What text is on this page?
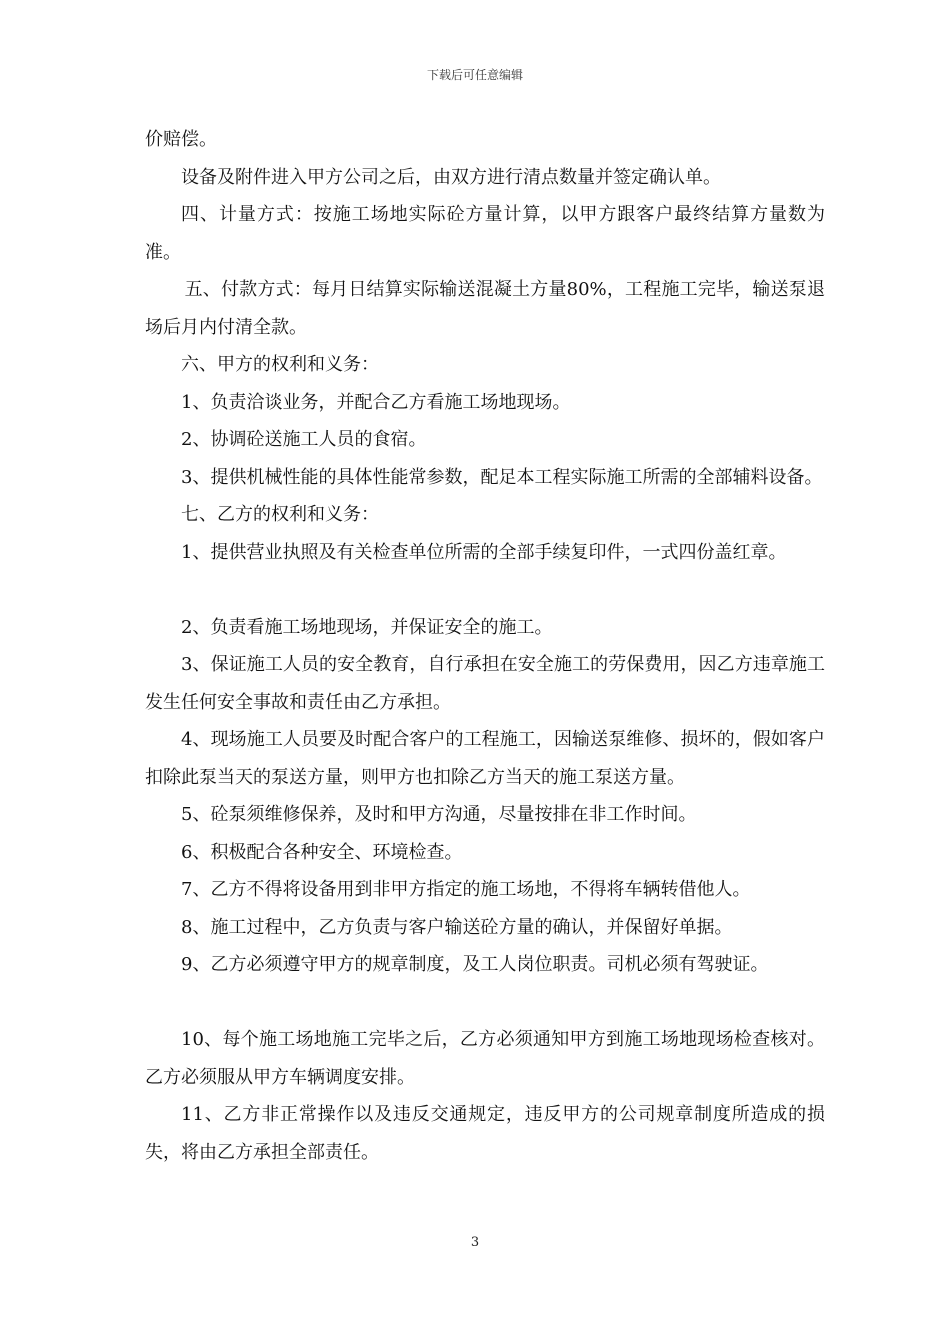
下载后可任意编辑

价赔偿。

设备及附件进入甲方公司之后，由双方进行清点数量并签定确认单。

四、计量方式：按施工场地实际砼方量计算，以甲方跟客户最终结算方量数为准。

五、付款方式：每月日结算实际输送混凝土方量80%，工程施工完毕，输送泵退场后月内付清全款。

六、甲方的权利和义务：

1、负责洽谈业务，并配合乙方看施工场地现场。

2、协调砼送施工人员的食宿。

3、提供机械性能的具体性能常参数，配足本工程实际施工所需的全部辅料设备。

七、乙方的权利和义务：

1、提供营业执照及有关检查单位所需的全部手续复印件，一式四份盖红章。

2、负责看施工场地现场，并保证安全的施工。

3、保证施工人员的安全教育，自行承担在安全施工的劳保费用，因乙方违章施工发生任何安全事故和责任由乙方承担。

4、现场施工人员要及时配合客户的工程施工，因输送泵维修、损坏的，假如客户扣除此泵当天的泵送方量，则甲方也扣除乙方当天的施工泵送方量。

5、砼泵须维修保养，及时和甲方沟通，尽量按排在非工作时间。

6、积极配合各种安全、环境检查。

7、乙方不得将设备用到非甲方指定的施工场地，不得将车辆转借他人。

8、施工过程中，乙方负责与客户输送砼方量的确认，并保留好单据。

9、乙方必须遵守甲方的规章制度，及工人岗位职责。司机必须有驾驶证。

10、每个施工场地施工完毕之后，乙方必须通知甲方到施工场地现场检查核对。乙方必须服从甲方车辆调度安排。

11、乙方非正常操作以及违反交通规定，违反甲方的公司规章制度所造成的损失，将由乙方承担全部责任。

3
